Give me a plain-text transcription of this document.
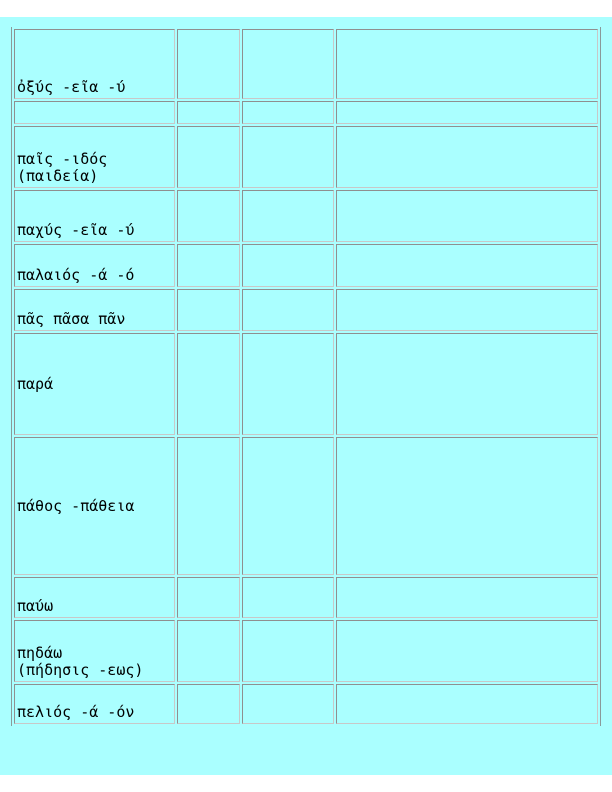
ὀξύς -εῖα -ύ			

παῖς -ιδός
(παιδεία)			

παχύς -εῖα -ύ			
παλαιός -ά -ό			
πᾶς πᾶσα πᾶν			
παρά			
πάθος -πάθεια			
παύω			

πηδάω
(πήδησις -εως)			

πελιός -ά -όν			
